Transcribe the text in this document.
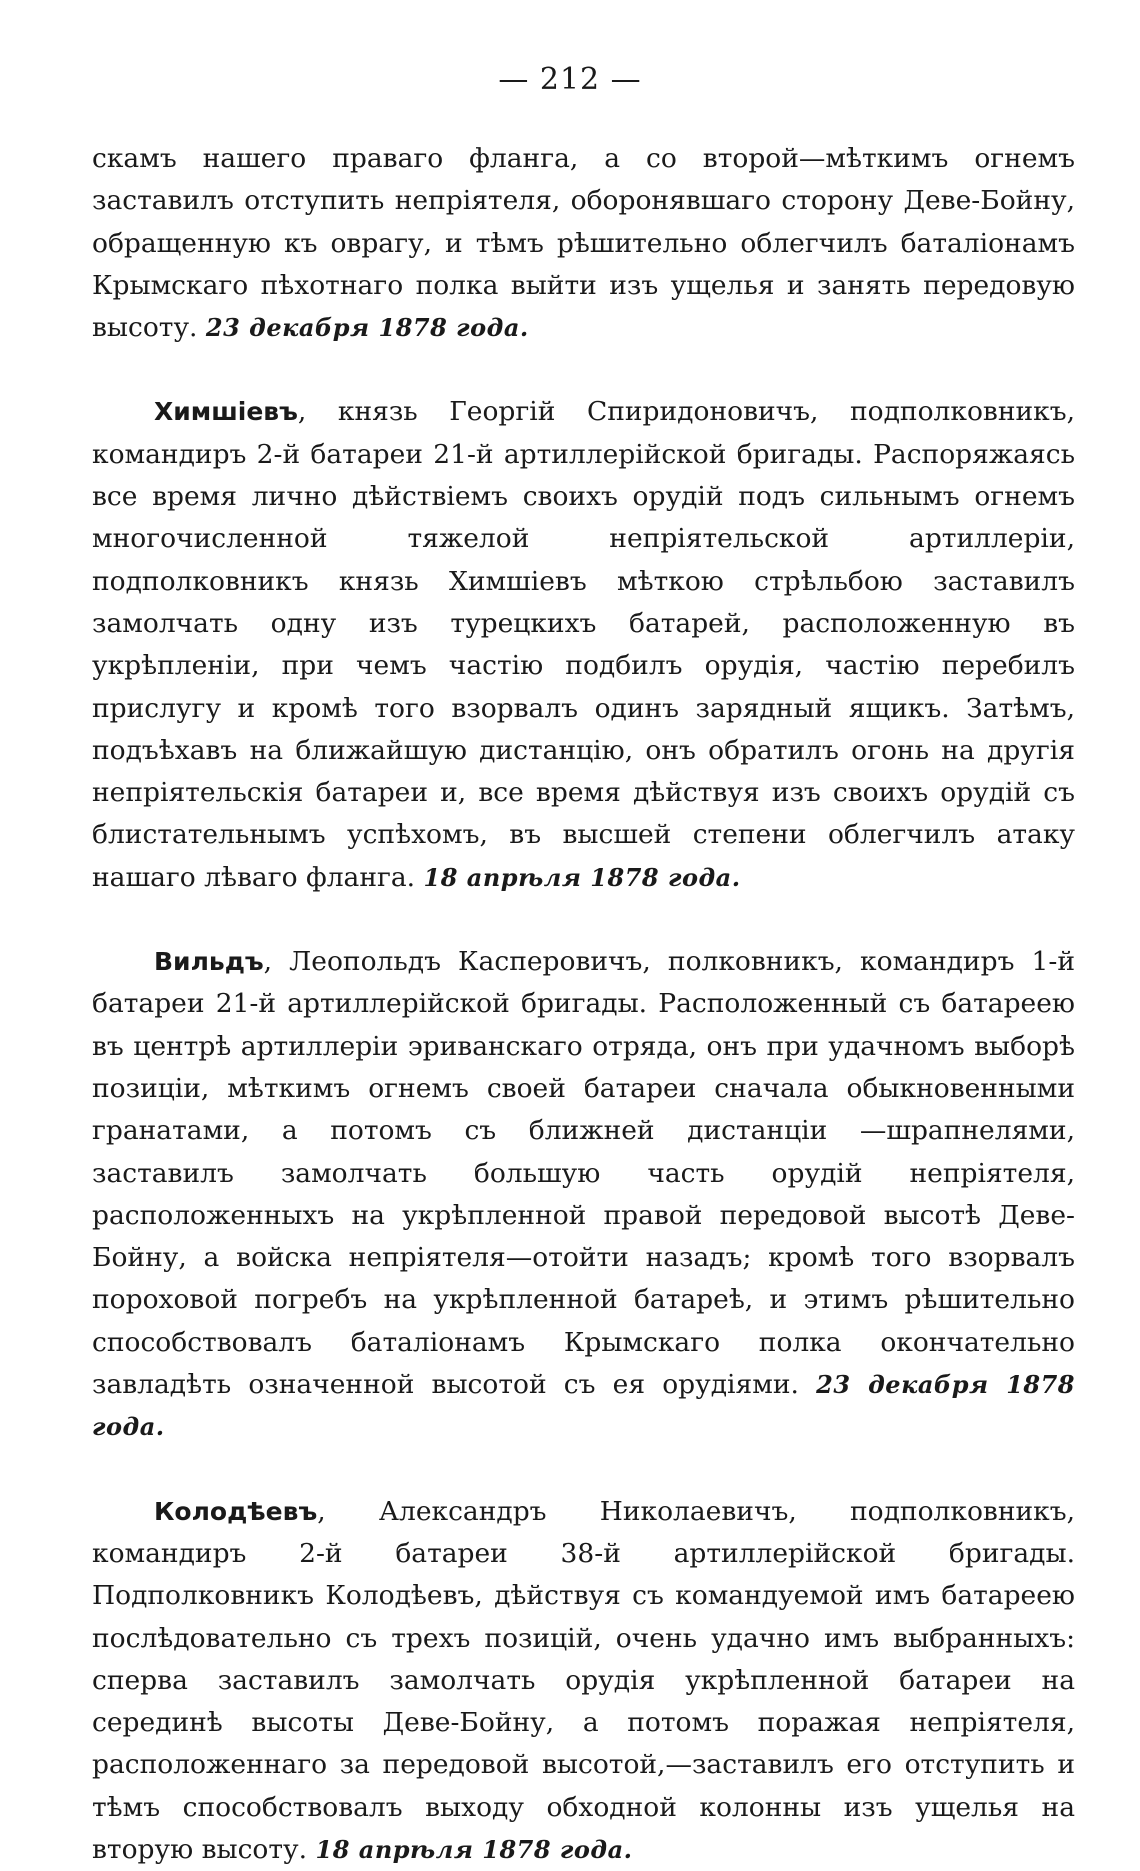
— 212 —

скамъ нашего праваго фланга, а со второй—мѣткимъ огнемъ заставилъ отступить непріятеля, оборонявшаго сторону Деве-Бойну, обращенную къ оврагу, и тѣмъ рѣшительно облегчилъ баталіонамъ Крымскаго пѣхотнаго полка выйти изъ ущелья и занять передовую высоту. 23 декабря 1878 года.

Химшіевъ, князь Георгій Спиридоновичъ, подполковникъ, командиръ 2-й батареи 21-й артиллерійской бригады. Распоряжаясь все время лично дѣйствіемъ своихъ орудій подъ сильнымъ огнемъ многочисленной тяжелой непріятельской артиллеріи, подполковникъ князь Химшіевъ мѣткою стрѣльбою заставилъ замолчать одну изъ турецкихъ батарей, расположенную въ укрѣпленіи, при чемъ частію подбилъ орудія, частію перебилъ прислугу и кромѣ того взорвалъ одинъ зарядный ящикъ. Затѣмъ, подъѣхавъ на ближайшую дистанцію, онъ обратилъ огонь на другія непріятельскія батареи и, все время дѣйствуя изъ своихъ орудій съ блистательнымъ успѣхомъ, въ высшей степени облегчилъ атаку нашаго лѣваго фланга. 18 апрѣля 1878 года.

Вильдъ, Леопольдъ Касперовичъ, полковникъ, командиръ 1-й батареи 21-й артиллерійской бригады. Расположенный съ батареею въ центрѣ артиллеріи эриванскаго отряда, онъ при удачномъ выборѣ позиціи, мѣткимъ огнемъ своей батареи сначала обыкновенными гранатами, а потомъ съ ближней дистанціи —шрапнелями, заставилъ замолчать большую часть орудій непріятеля, расположенныхъ на укрѣпленной правой передовой высотѣ Деве-Бойну, а войска непріятеля—отойти назадъ; кромѣ того взорвалъ пороховой погребъ на укрѣпленной батареѣ, и этимъ рѣшительно способствовалъ баталіонамъ Крымскаго полка окончательно завладѣть означенной высотой съ ея орудіями. 23 декабря 1878 года.

Колодѣевъ, Александръ Николаевичъ, подполковникъ, командиръ 2-й батареи 38-й артиллерійской бригады. Подполковникъ Колодѣевъ, дѣйствуя съ командуемой имъ батареею послѣдовательно съ трехъ позицій, очень удачно имъ выбранныхъ: сперва заставилъ замолчать орудія укрѣпленной батареи на серединѣ высоты Деве-Бойну, а потомъ поражая непріятеля, расположеннаго за передовой высотой,—заставилъ его отступить и тѣмъ способствовалъ выходу обходной колонны изъ ущелья на вторую высоту. 18 апрѣля 1878 года.
